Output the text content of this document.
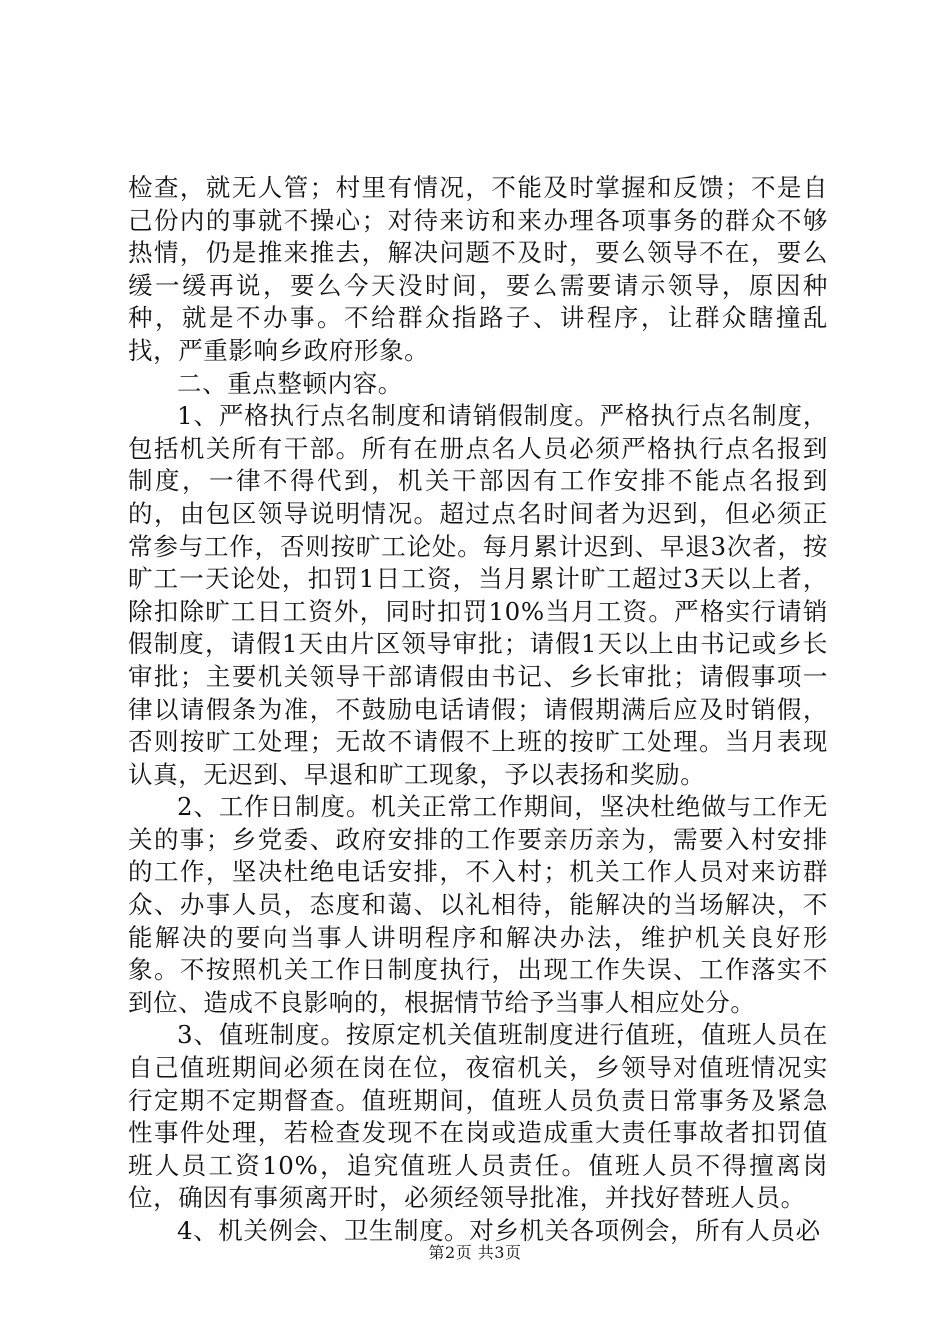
检查，就无人管；村里有情况，不能及时掌握和反馈；不是自己份内的事就不操心；对待来访和来办理各项事务的群众不够热情，仍是推来推去，解决问题不及时，要么领导不在，要么缓一缓再说，要么今天没时间，要么需要请示领导，原因种种，就是不办事。不给群众指路子、讲程序，让群众瞎撞乱找，严重影响乡政府形象。

二、重点整顿内容。

1、严格执行点名制度和请销假制度。严格执行点名制度，包括机关所有干部。所有在册点名人员必须严格执行点名报到制度，一律不得代到，机关干部因有工作安排不能点名报到的，由包区领导说明情况。超过点名时间者为迟到，但必须正常参与工作，否则按旷工论处。每月累计迟到、早退3次者，按旷工一天论处，扣罚1日工资，当月累计旷工超过3天以上者，除扣除旷工日工资外，同时扣罚10%当月工资。严格实行请销假制度，请假1天由片区领导审批；请假1天以上由书记或乡长审批；主要机关领导干部请假由书记、乡长审批；请假事项一律以请假条为准，不鼓励电话请假；请假期满后应及时销假，否则按旷工处理；无故不请假不上班的按旷工处理。当月表现认真，无迟到、早退和旷工现象，予以表扬和奖励。

2、工作日制度。机关正常工作期间，坚决杜绝做与工作无关的事；乡党委、政府安排的工作要亲历亲为，需要入村安排的工作，坚决杜绝电话安排，不入村；机关工作人员对来访群众、办事人员，态度和蔼、以礼相待，能解决的当场解决，不能解决的要向当事人讲明程序和解决办法，维护机关良好形象。不按照机关工作日制度执行，出现工作失误、工作落实不到位、造成不良影响的，根据情节给予当事人相应处分。

3、值班制度。按原定机关值班制度进行值班，值班人员在自己值班期间必须在岗在位，夜宿机关，乡领导对值班情况实行定期不定期督查。值班期间，值班人员负责日常事务及紧急性事件处理，若检查发现不在岗或造成重大责任事故者扣罚值班人员工资10%，追究值班人员责任。值班人员不得擅离岗位，确因有事须离开时，必须经领导批准，并找好替班人员。

4、机关例会、卫生制度。对乡机关各项例会，所有人员必

第2页 共3页
